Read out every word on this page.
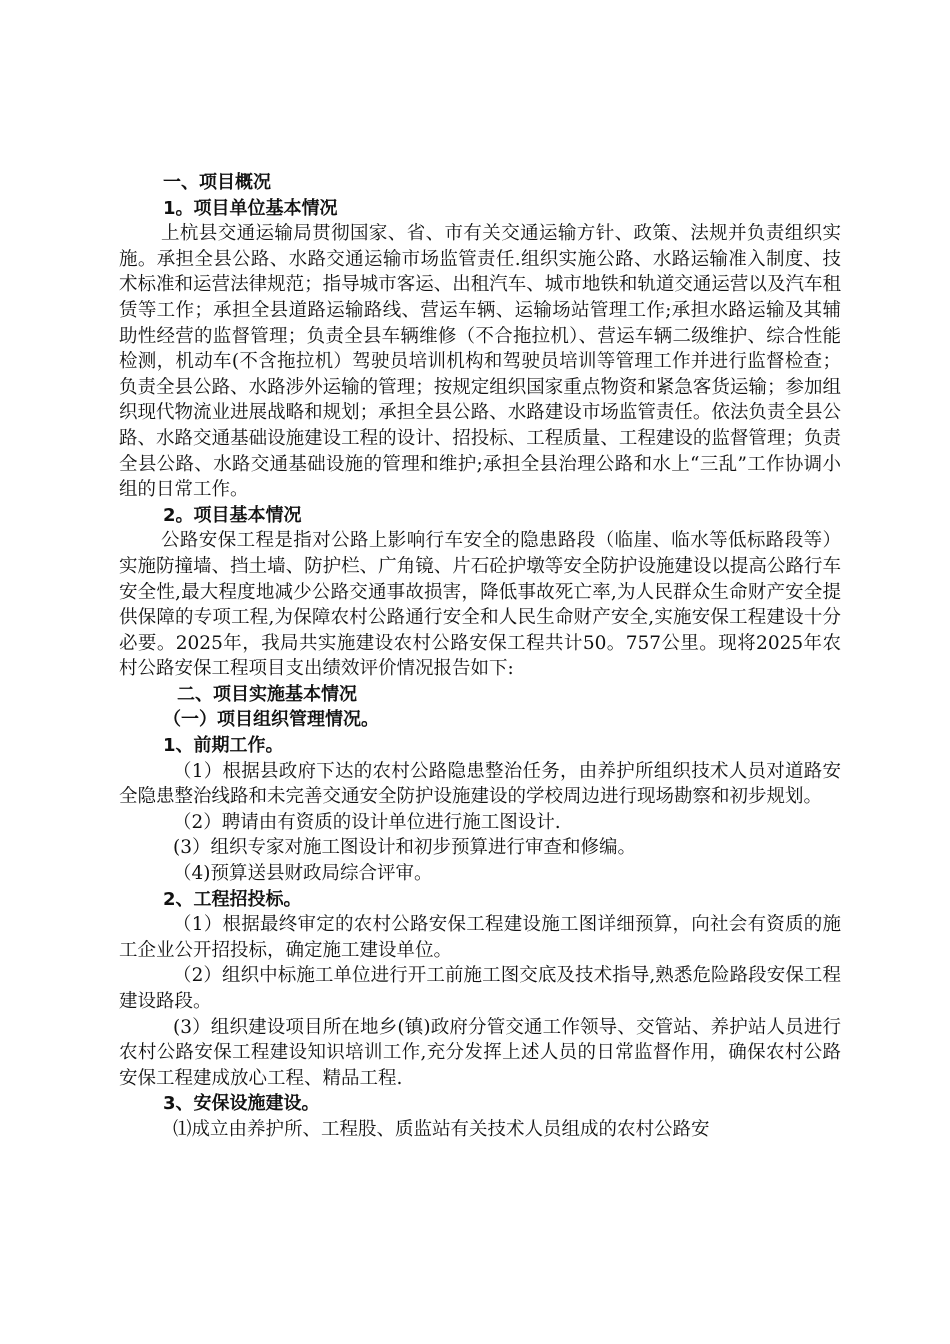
一、项目概况

1。项目单位基本情况

上杭县交通运输局贯彻国家、省、市有关交通运输方针、政策、法规并负责组织实施。承担全县公路、水路交通运输市场监管责任.组织实施公路、水路运输准入制度、技术标准和运营法律规范；指导城市客运、出租汽车、城市地铁和轨道交通运营以及汽车租赁等工作；承担全县道路运输路线、营运车辆、运输场站管理工作;承担水路运输及其辅助性经营的监督管理；负责全县车辆维修（不合拖拉机）、营运车辆二级维护、综合性能检测，机动车(不含拖拉机）驾驶员培训机构和驾驶员培训等管理工作并进行监督检查；负责全县公路、水路涉外运输的管理；按规定组织国家重点物资和紧急客货运输；参加组织现代物流业进展战略和规划；承担全县公路、水路建设市场监管责任。依法负责全县公路、水路交通基础设施建设工程的设计、招投标、工程质量、工程建设的监督管理；负责全县公路、水路交通基础设施的管理和维护;承担全县治理公路和水上“三乱”工作协调小组的日常工作。

2。项目基本情况

公路安保工程是指对公路上影响行车安全的隐患路段（临崖、临水等低标路段等）实施防撞墙、挡土墙、防护栏、广角镜、片石砼护墩等安全防护设施建设以提高公路行车安全性,最大程度地减少公路交通事故损害，降低事故死亡率,为人民群众生命财产安全提供保障的专项工程,为保障农村公路通行安全和人民生命财产安全,实施安保工程建设十分必要。2025年，我局共实施建设农村公路安保工程共计50。757公里。现将2025年农村公路安保工程项目支出绩效评价情况报告如下:

二、项目实施基本情况

（一）项目组织管理情况。

1、前期工作。

（1）根据县政府下达的农村公路隐患整治任务，由养护所组织技术人员对道路安全隐患整治线路和未完善交通安全防护设施建设的学校周边进行现场勘察和初步规划。

（2）聘请由有资质的设计单位进行施工图设计.

(3）组织专家对施工图设计和初步预算进行审查和修编。

（4)预算送县财政局综合评审。

2、工程招投标。

（1）根据最终审定的农村公路安保工程建设施工图详细预算，向社会有资质的施工企业公开招投标，确定施工建设单位。

（2）组织中标施工单位进行开工前施工图交底及技术指导,熟悉危险路段安保工程建设路段。

(3）组织建设项目所在地乡(镇)政府分管交通工作领导、交管站、养护站人员进行农村公路安保工程建设知识培训工作,充分发挥上述人员的日常监督作用，确保农村公路安保工程建成放心工程、精品工程.

3、安保设施建设。

⑴成立由养护所、工程股、质监站有关技术人员组成的农村公路安
